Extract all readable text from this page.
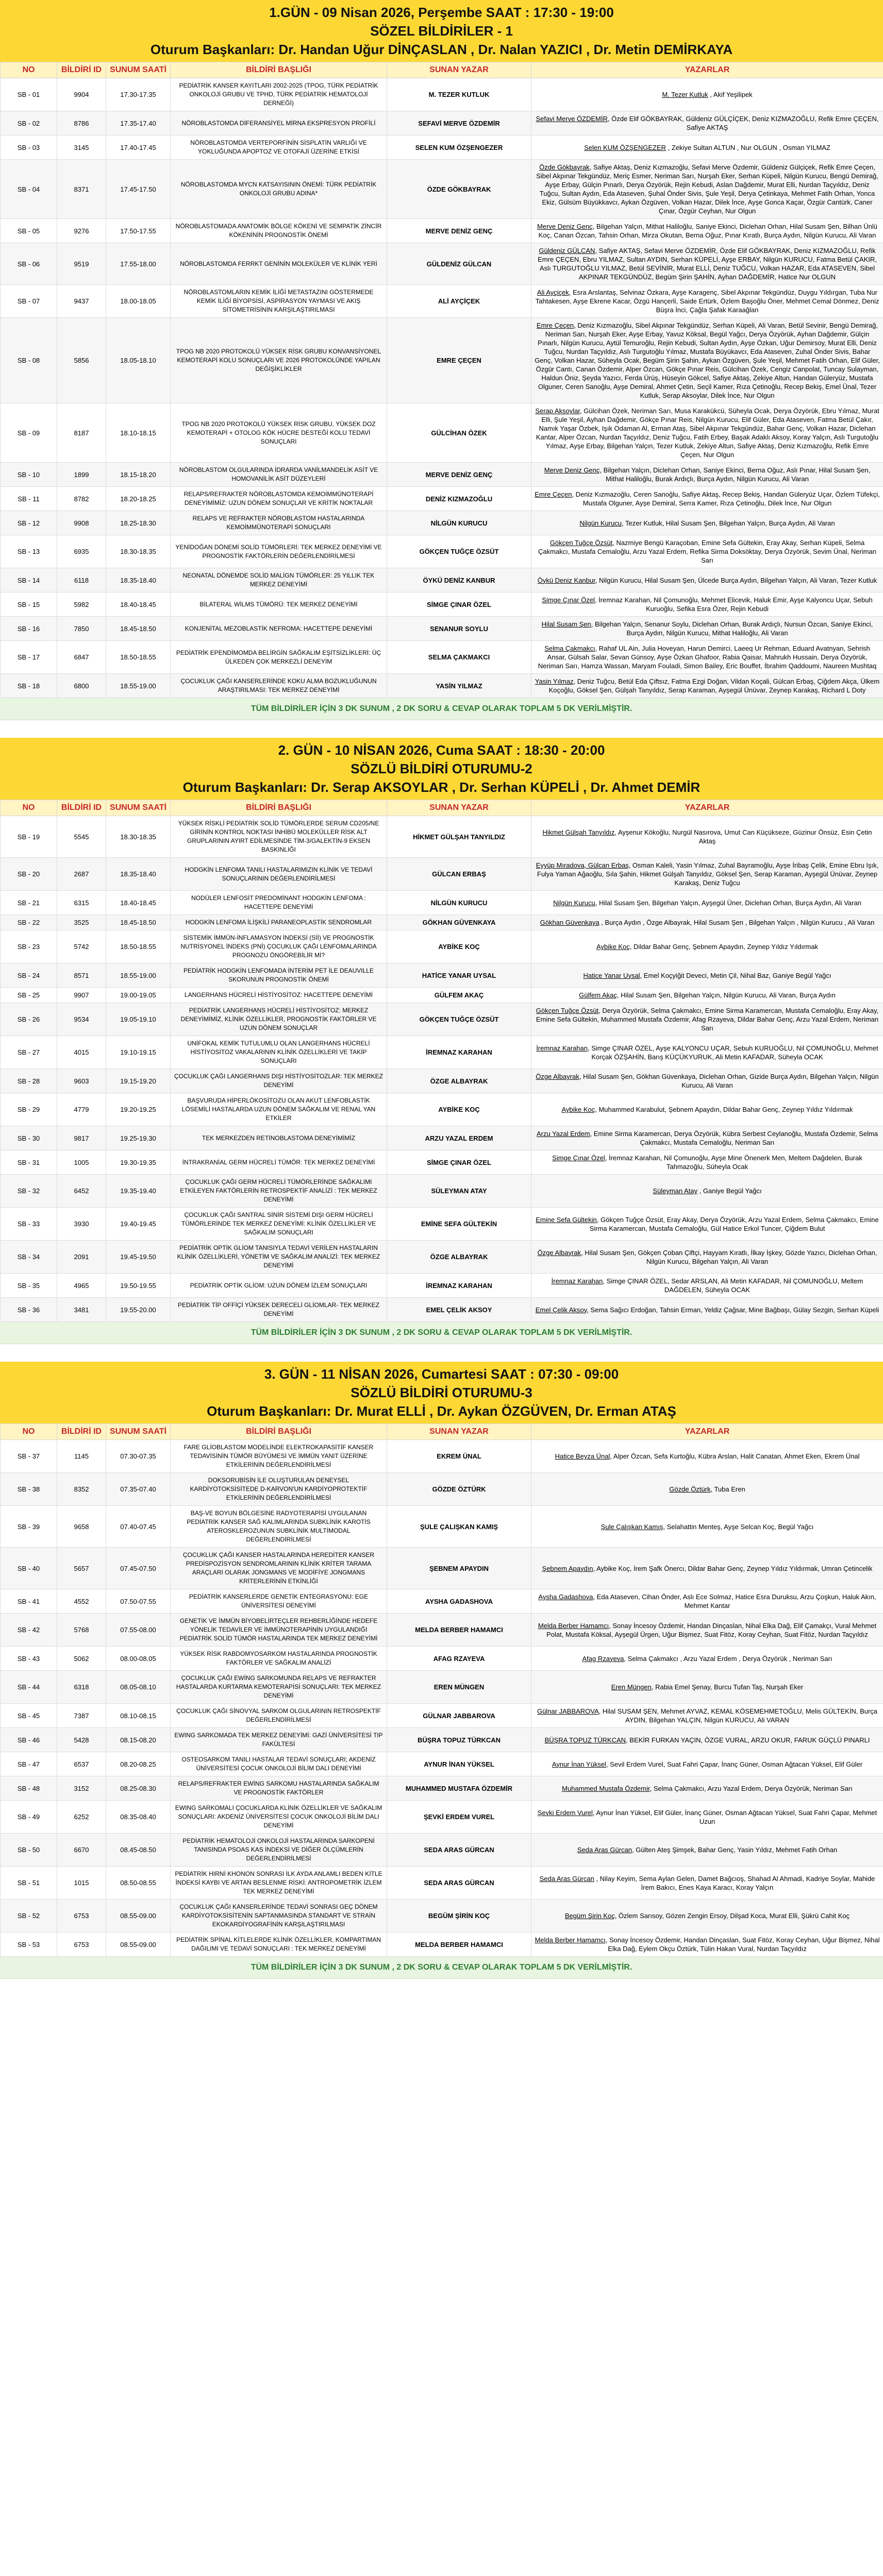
1.GÜN - 09 Nisan 2026, Perşembe SAAT : 17:30 - 19:00
SÖZEL BİLDİRİLER - 1
Oturum Başkanları: Dr. Handan Uğur DİNÇASLAN , Dr. Nalan YAZICI , Dr. Metin DEMİRKAYA
NO	BİLDİRİ ID	SUNUM SAATİ	BİLDİRİ BAŞLIĞI	SUNAN YAZAR	YAZARLAR
SB - 01	9904	17.30-17.35	PEDİATRİK KANSER KAYITLARI 2002-2025 (TPOG, TÜRK PEDİATRİK ONKOLOJİ GRUBU VE TPHD, TÜRK PEDİATRİK HEMATOLOJİ DERNEĞİ)	M. TEZER KUTLUK	M. Tezer Kutluk , Akif Yeşilipek
SB - 02	8786	17.35-17.40	NÖROBLASTOMDA DİFERANSİYEL MİRNA EKSPRESYON PROFİLİ	SEFAVİ MERVE ÖZDEMİR	Sefavi Merve ÖZDEMİR, Özde Elif GÖKBAYRAK, Güldeniz GÜLÇİÇEK, Deniz KIZMAZOĞLU, Refik Emre ÇEÇEN, Safiye AKTAŞ
SB - 03	3145	17.40-17.45	NÖROBLASTOMDA VERTEPORFİNİN SİSPLATİN VARLIĞI VE YOKLUĞUNDA APOPTOZ VE OTOFAJİ ÜZERİNE ETKİSİ	SELEN KUM ÖZŞENGEZER	Selen KUM ÖZŞENGEZER , Zekiye Sultan ALTUN , Nur OLGUN , Osman YILMAZ
SB - 04	8371	17.45-17.50	NÖROBLASTOMDA MYCN KATSAYISININ ÖNEMİ: TÜRK PEDİATRİK ONKOLOJİ GRUBU ADINA*	ÖZDE GÖKBAYRAK	Özde Gökbayrak, Safiye Aktaş, Deniz Kızmazoğlu, Sefavi Merve Özdemir, Güldeniz Gülçiçek, Refik Emre Çeçen, Sibel Akpınar Tekgündüz, Meriç Esmer, Neriman Sarı, Nurşah Eker, Serhan Küpeli, Nilgün Kurucu, Bengü Demirağ, Ayşe Erbay, Gülçin Pınarlı, Derya Özyörük, Rejin Kebudi, Aslan Dağdemir, Murat Elli, Nurdan Taçyıldız, Deniz Tuğcu, Sultan Aydın, Eda Ataseven, Şuhal Önder Sivis, Şule Yeşil, Derya Çetinkaya, Mehmet Fatih Orhan, Yonca Ekiz, Gülsüm Büyükkavcı, Aykan Özgüven, Volkan Hazar, Dilek İnce, Ayşe Gonca Kaçar, Özgür Cantürk, Caner Çınar, Özgür Ceyhan, Nur Olgun
SB - 05	9276	17.50-17.55	NÖROBLASTOMADA ANATOMİK BÖLGE KÖKENİ VE SEMPATİK ZİNCİR KÖKENİNİN PROGNOSTİK ÖNEMİ	MERVE DENİZ GENÇ	Merve Deniz Genç, Bilgehan Yalçın, Mithat Haliloğlu, Saniye Ekinci, Diclehan Orhan, Hilal Susam Şen, Bilhan Ünlü Koç, Canan Özcan, Tahsin Orhan, Mirza Okutan, Berna Oğuz, Pınar Kıratlı, Burça Aydın, Nilgün Kurucu, Ali Varan
SB - 06	9519	17.55-18.00	NÖROBLASTOMDA FERRKT GENİNİN MOLEKÜLER VE KLİNİK YERİ	GÜLDENİZ GÜLCAN	Güldeniz GÜLCAN, Safiye AKTAŞ, Sefavi Merve ÖZDEMİR, Özde Elif GÖKBAYRAK, Deniz KIZMAZOĞLU, Refik Emre ÇEÇEN, Ebru YILMAZ, Sultan AYDIN, Serhan KÜPELİ, Ayşe ERBAY, Nilgün KURUCU, Fatma Betül ÇAKIR, Aslı TURGUTOĞLU YILMAZ, Betül SEVİNİR, Murat ELLİ, Deniz TUĞCU, Volkan HAZAR, Eda ATASEVEN, Sibel AKPINAR TEKGÜNDÜZ, Begüm Şirin ŞAHİN, Ayhan DAĞDEMİR, Hatice Nur OLGUN
SB - 07	9437	18.00-18.05	NÖROBLASTOMLARIN KEMİK İLİĞİ METASTAZINI GÖSTERMEDE KEMİK İLİĞİ BİYOPSİSİ, ASPİRASYON YAYMASI VE AKIŞ SİTOMETRİSİNİN KARŞILAŞTIRILMASI	ALİ AYÇİÇEK	Ali Ayçiçek, Esra Arslantaş, Selvinaz Özkara, Ayşe Karagenç, Sibel Akpınar Tekgündüz, Duygu Yıldırgan, Tuba Nur Tahtakesen, Ayşe Ekrene Kacar, Özgü Hançerli, Saide Ertürk, Özlem Başoğlu Öner, Mehmet Cemal Dönmez, Deniz Büşra İnci, Çağla Şafak Karaağlan
SB - 08	5856	18.05-18.10	TPOG NB 2020 PROTOKOLÜ YÜKSEK RİSK GRUBU KONVANSİYONEL KEMOTERAPİ KOLU SONUÇLARI VE 2026 PROTOKOLÜNDE YAPILAN DEĞİŞİKLİKLER	EMRE ÇEÇEN	Emre Çeçen, Deniz Kızmazoğlu, Sibel Akpınar Tekgündüz, Serhan Küpeli, Ali Varan, Betül Sevinir, Bengü Demirağ, Neriman Sarı, Nurşah Eker, Ayşe Erbay, Yavuz Köksal, Begül Yağcı, Derya Özyörük, Ayhan Dağdemir, Gülçin Pınarlı, Nilgün Kurucu, Aytül Temuroğlu, Rejin Kebudi, Sultan Aydın, Ayşe Özkan, Uğur Demirsoy, Murat Elli, Deniz Tuğcu, Nurdan Taçyıldız, Aslı Turgutoğlu Yılmaz, Mustafa Büyükavcı, Eda Ataseven, Zuhal Önder Sivis, Bahar Genç, Volkan Hazar, Süheyla Ocak, Begüm Şirin Şahin, Aykan Özgüven, Şule Yeşil, Mehmet Fatih Orhan, Elif Güler, Özgür Cantı, Canan Özdemir, Alper Özcan, Gökçe Pınar Reis, Gülcihan Özek, Cengiz Canpolat, Tuncay Sulayman, Haldun Öniz, Şeyda Yazıcı, Ferda Ürüş, Hüseyin Gökcel, Safiye Aktaş, Zekiye Altun, Handan Güleryüz, Mustafa Olguner, Ceren Sanoğlu, Ayşe Demiral, Ahmet Çetin, Seçil Kamer, Rıza Çetinoğlu, Recep Bekiş, Emel Ünal, Tezer Kutluk, Serap Aksoylar, Dilek İnce, Nur Olgun
SB - 09	8187	18.10-18.15	TPOG NB 2020 PROTOKOLÜ YÜKSEK RİSK GRUBU, YÜKSEK DOZ KEMOTERAPİ + OTOLOG KÖK HÜCRE DESTEĞİ KOLU TEDAVİ SONUÇLARI	GÜLCİHAN ÖZEK	Serap Aksoylar, Gülcihan Özek, Neriman Sarı, Musa Karakükcü, Süheyla Ocak, Derya Özyörük, Ebru Yılmaz, Murat Elli, Şule Yeşil, Ayhan Dağdemir, Gökçe Pınar Reis, Nilgün Kurucu, Elif Güler, Eda Ataseven, Fatma Betül Çakır, Namık Yaşar Özbek, Işık Odaman Al, Erman Ataş, Sibel Akpınar Tekgündüz, Bahar Genç, Volkan Hazar, Diclehan Kantar, Alper Özcan, Nurdan Taçyıldız, Deniz Tuğcu, Fatih Erbey, Başak Adaklı Aksoy, Koray Yalçın, Aslı Turgutoğlu Yılmaz, Ayşe Erbay, Bilgehan Yalçın, Tezer Kutluk, Zekiye Altun, Safiye Aktaş, Deniz Kızmazoğlu, Refik Emre Çeçen, Nur Olgun
SB - 10	1899	18.15-18.20	NÖROBLASTOM OLGULARINDA İDRARDA VANİLMANDELİK ASİT VE HOMOVANİLİK ASİT DÜZEYLERİ	MERVE DENİZ GENÇ	Merve Deniz Genç, Bilgehan Yalçın, Diclehan Orhan, Saniye Ekinci, Berna Oğuz, Aslı Pınar, Hilal Susam Şen, Mithat Haliloğlu, Burak Ardıçlı, Burça Aydın, Nilgün Kurucu, Ali Varan
SB - 11	8782	18.20-18.25	RELAPS/REFRAKTER NÖROBLASTOMDA KEMOİMMÜNOTERAPİ DENEYİMİMİZ: UZUN DÖNEM SONUÇLAR VE KRİTİK NOKTALAR	DENİZ KIZMAZOĞLU	Emre Çeçen, Deniz Kızmazoğlu, Ceren Sanoğlu, Safiye Aktaş, Recep Bekiş, Handan Güleryüz Uçar, Özlem Tüfekçi, Mustafa Olguner, Ayşe Demiral, Serra Kamer, Rıza Çetinoğlu, Dilek İnce, Nur Olgun
SB - 12	9908	18.25-18.30	RELAPS VE REFRAKTER NÖROBLASTOM HASTALARINDA KEMOİMMÜNOTERAPİ SONUÇLARI	NİLGÜN KURUCU	Nilgün Kurucu, Tezer Kutluk, Hilal Susam Şen, Bilgehan Yalçın, Burça Aydın, Ali Varan
SB - 13	6935	18.30-18.35	YENİDOĞAN DÖNEMİ SOLİD TÜMÖRLERİ: TEK MERKEZ DENEYİMİ VE PROGNOSTİK FAKTÖRLERİN DEĞERLENDİRİLMESİ	GÖKÇEN TUĞÇE ÖZSÜT	Gökçen Tuğçe Özsüt, Nazmiye Bengü Karaçoban, Emine Sefa Gültekin, Eray Akay, Serhan Küpeli, Selma Çakmakcı, Mustafa Cemaloğlu, Arzu Yazal Erdem, Refika Sirma Doksöktay, Derya Özyörük, Sevim Ünal, Neriman Sarı
SB - 14	6118	18.35-18.40	NEONATAL DÖNEMDE SOLİD MALİGN TÜMÖRLER: 25 YILLIK TEK MERKEZ DENEYİMİ	ÖYKÜ DENİZ KANBUR	Öykü Deniz Kanbur, Nilgün Kurucu, Hilal Susam Şen, Ülcede Burça Aydın, Bilgehan Yalçın, Ali Varan, Tezer Kutluk
SB - 15	5982	18.40-18.45	BİLATERAL WİLMS TÜMÖRÜ: TEK MERKEZ DENEYİMİ	SİMGE ÇINAR ÖZEL	Simge Çınar Özel, İremnaz Karahan, Nil Çomunoğlu, Mehmet Elicevik, Haluk Emir, Ayşe Kalyoncu Uçar, Sebuh Kuruoğlu, Sefika Esra Özer, Rejin Kebudi
SB - 16	7850	18.45-18.50	KONJENİTAL MEZOBLASTİK NEFROMA: HACETTEPE DENEYİMİ	SENANUR SOYLU	Hilal Susam Şen, Bilgehan Yalçın, Senanur Soylu, Diclehan Orhan, Burak Ardıçlı, Nursun Özcan, Saniye Ekinci, Burça Aydın, Nilgün Kurucu, Mithat Haliloğlu, Ali Varan
SB - 17	6847	18.50-18.55	PEDİATRİK EPENDİMOMDA BELİRGİN SAĞKALIM EŞİTSİZLİKLERİ: ÜÇ ÜLKEDEN ÇOK MERKEZLİ DENEYİM	SELMA ÇAKMAKCI	Selma Çakmakcı, Rahaf UL Ain, Julia Hoveyan, Harun Demirci, Laeeq Ur Rehman, Eduard Avatnyan, Sehrish Ansar, Gülsah Salar, Sevan Günsoy, Ayşe Özkan Ghafoor, Rabia Qaisar, Mahrukh Hussain, Derya Özyörük, Neriman Sarı, Hamza Wassan, Maryam Fouladi, Simon Bailey, Eric Bouffet, İbrahim Qaddoumi, Naureen Mushtaq
SB - 18	6800	18.55-19.00	ÇOCUKLUK ÇAĞI KANSERLERİNDE KOKU ALMA BOZUKLUĞUNUN ARAŞTIRILMASI: TEK MERKEZ DENEYİMİ	YASİN YILMAZ	Yasin Yılmaz, Deniz Tuğcu, Betül Eda Çiftsız, Fatma Ezgi Doğan, Vildan Koçali, Gülcan Erbaş, Çiğdem Akça, Ülkem Koçoğlu, Göksel Şen, Gülşah Tanyıldız, Serap Karaman, Ayşegül Ünüvar, Zeynep Karakaş, Richard L Doty
TÜM BİLDİRİLER İÇİN 3 DK SUNUM , 2 DK SORU & CEVAP OLARAK TOPLAM 5 DK VERİLMİŞTİR.
2. GÜN - 10 NİSAN 2026, Cuma SAAT : 18:30 - 20:00
SÖZLÜ BİLDİRİ OTURUMU-2
Oturum Başkanları: Dr. Serap AKSOYLAR , Dr. Serhan KÜPELİ , Dr. Ahmet DEMİR
NO	BİLDİRİ ID	SUNUM SAATİ	BİLDİRİ BAŞLIĞI	SUNAN YAZAR	YAZARLAR
SB - 19	5545	18.30-18.35	YÜKSEK RİSKLİ PEDİATRİK SOLİD TÜMÖRLERDE SERUM CD205/NE GİRİNİN KONTROL NOKTASI İNHİBÜ MOLEKÜLLER RİSK ALT GRUPLARININ AYIRT EDİLMESİNDE TİM-3/GALEKTİN-9 EKSEN BASKINLIĞI	HİKMET GÜLŞAH TANYILDIZ	Hikmet Gülşah Tanyıldız, Ayşenur Kökoğlu, Nurgül Nasırova, Umut Can Küçükseze, Güzinur Önsüz, Esin Çetin Aktaş
SB - 20	2687	18.35-18.40	HODGKİN LENFOMA TANILI HASTALARIMIZIN KLİNİK VE TEDAVİ SONUÇLARININ DEĞERLENDİRİLMESİ	GÜLCAN ERBAŞ	Eyyüp Mıradova, Gülcan Erbaş, Osman Kaleli, Yasin Yılmaz, Zuhal Bayramoğlu, Ayşe İribaş Çelik, Emine Ebru Işık, Fulya Yaman Ağaoğlu, Sıla Şahin, Hikmet Gülşah Tanyıldız, Göksel Şen, Serap Karaman, Ayşegül Ünüvar, Zeynep Karakaş, Deniz Tuğcu
SB - 21	6315	18.40-18.45	NODÜLER LENFOSİT PREDOMİNANT HODGKİN LENFOMA : HACETTEPE DENEYİMİ	NİLGÜN KURUCU	Nilgün Kurucu, Hilal Susam Şen, Bilgehan Yalçın, Ayşegül Üner, Diclehan Orhan, Burça Aydın, Ali Varan
SB - 22	3525	18.45-18.50	HODGKİN LENFOMA İLİŞKİLİ PARANEOPLASTİK SENDROMLAR	GÖKHAN GÜVENKAYA	Gökhan Güvenkaya , Burça Aydın , Özge Albayrak, Hilal Susam Şen , Bilgehan Yalçın , Nilgün Kurucu , Ali Varan
SB - 23	5742	18.50-18.55	SİSTEMİK İMMÜN-İNFLAMASYON İNDEKSİ (Sİİ) VE PROGNOSTİK NUTRİSYONEL İNDEKS (PNİ) ÇOCUKLUK ÇAĞI LENFOMALARINDA PROGNOZU ÖNGÖREBİLİR Mİ?	AYBİKE KOÇ	Aybike Koç, Dildar Bahar Genç, Şebnem Apaydın, Zeynep Yıldız Yıldırmak
SB - 24	8571	18.55-19.00	PEDİATRİK HODGKİN LENFOMADA İNTERİM PET İLE DEAUVILLE SKORUNUN PROGNOSTİK ÖNEMİ	HATİCE YANAR UYSAL	Hatice Yanar Uysal, Emel Koçyiğit Deveci, Metin Çil, Nihal Baz, Ganiye Begül Yağcı
SB - 25	9907	19.00-19.05	LANGERHANS HÜCRELİ HİSTİYOSİTOZ: HACETTEPE DENEYİMİ	GÜLFEM AKAÇ	Gülfem Akaç, Hilal Susam Şen, Bilgehan Yalçın, Nilgün Kurucu, Ali Varan, Burça Aydın
SB - 26	9534	19.05-19.10	PEDİATRİK LANGERHANS HÜCRELİ HİSTİYOSİTOZ: MERKEZ DENEYİMİMİZ, KLİNİK ÖZELLİKLER, PROGNOSTİK FAKTÖRLER VE UZUN DÖNEM SONUÇLAR	GÖKÇEN TUĞÇE ÖZSÜT	Gökçen Tuğçe Özsüt, Derya Özyörük, Selma Çakmakcı, Emine Sirma Karamercan, Mustafa Cemaloğlu, Eray Akay, Emine Sefa Gültekin, Muhammed Mustafa Özdemir, Afag Rzayeva, Dildar Bahar Genç, Arzu Yazal Erdem, Neriman Sarı
SB - 27	4015	19.10-19.15	UNİFOKAL KEMİK TUTULUMLU OLAN LANGERHANS HÜCRELİ HİSTİYOSİTOZ VAKALARININ KLİNİK ÖZELLİKLERİ VE TAKİP SONUÇLARI	İREMNAZ KARAHAN	İremnaz Karahan, Simge ÇINAR ÖZEL, Ayşe KALYONCU UÇAR, Sebuh KURUOĞLU, Nil ÇOMUNOĞLU, Mehmet Korçak ÖZŞAHİN, Barış KÜÇÜKYURUK, Ali Metin KAFADAR, Süheyla OCAK
SB - 28	9603	19.15-19.20	ÇOCUKLUK ÇAĞI LANGERHANS DIŞI HİSTİYOSİTOZLAR: TEK MERKEZ DENEYİMİ	ÖZGE ALBAYRAK	Özge Albayrak, Hilal Susam Şen, Gökhan Güvenkaya, Diclehan Orhan, Gizide Burça Aydın, Bilgehan Yalçın, Nilgün Kurucu, Ali Varan
SB - 29	4779	19.20-19.25	BAŞVURUDA HİPERLÖKOSİTOZU OLAN AKUT LENFOBLASTİK LÖSEMİLİ HASTALARDA UZUN DÖNEM SAĞKALIM VE RENAL YAN ETKİLER	AYBİKE KOÇ	Aybike Koç, Muhammed Karabulut, Şebnem Apaydın, Dildar Bahar Genç, Zeynep Yıldız Yıldırmak
SB - 30	9817	19.25-19.30	TEK MERKEZDEN RETİNOBLASTOMA DENEYİMİMİZ	ARZU YAZAL ERDEM	Arzu Yazal Erdem, Emine Sirma Karamercan, Derya Özyörük, Kübra Serbest Ceylanoğlu, Mustafa Özdemir, Selma Çakmakcı, Mustafa Cemaloğlu, Neriman Sarı
SB - 31	1005	19.30-19.35	İNTRAKRANİAL GERM HÜCRELİ TÜMÖR: TEK MERKEZ DENEYİMİ	SİMGE ÇINAR ÖZEL	Simge Çınar Özel, İremnaz Karahan, Nil Çomunoğlu, Ayşe Mine Önenerk Men, Meltem Dağdelen, Burak Tahmazoğlu, Süheyla Ocak
SB - 32	6452	19.35-19.40	ÇOCUKLUK ÇAĞI GERM HÜCRELİ TÜMÖRLERİNDE SAĞKALIMI ETKİLEYEN FAKTÖRLERİN RETROSPEKTİF ANALİZİ : TEK MERKEZ DENEYİMİ	SÜLEYMAN ATAY	Süleyman Atay , Ganiye Begül Yağcı
SB - 33	3930	19.40-19.45	ÇOCUKLUK ÇAĞI SANTRAL SİNİR SİSTEMİ DIŞI GERM HÜCRELİ TÜMÖRLERİNDE TEK MERKEZ DENEYİMİ: KLİNİK ÖZELLİKLER VE SAĞKALIM SONUÇLARI	EMİNE SEFA GÜLTEKİN	Emine Sefa Gültekin, Gökçen Tuğçe Özsüt, Eray Akay, Derya Özyörük, Arzu Yazal Erdem, Selma Çakmakcı, Emine Sirma Karamercan, Mustafa Cemaloğlu, Gül Hatice Erkol Tuncer, Çiğdem Bulut
SB - 34	2091	19.45-19.50	PEDİATRİK OPTİK GLİOM TANISIYLA TEDAVİ VERİLEN HASTALARIN KLİNİK ÖZELLİKLERİ, YÖNETİM VE SAĞKALIM ANALİZİ: TEK MERKEZ DENEYİMİ	ÖZGE ALBAYRAK	Özge Albayrak, Hilal Susam Şen, Gökçen Çoban Çiftçi, Hayyam Kıratlı, İlkay İşkey, Gözde Yazıcı, Diclehan Orhan, Nilgün Kurucu, Bilgehan Yalçın, Ali Varan
SB - 35	4965	19.50-19.55	PEDİATRİK OPTİK GLİOM: UZUN DÖNEM İZLEM SONUÇLARI	İREMNAZ KARAHAN	İremnaz Karahan, Simge ÇINAR ÖZEL, Sedar ARSLAN, Ali Metin KAFADAR, Nil ÇOMUNOĞLU, Meltem DAĞDELEN, Süheyla OCAK
SB - 36	3481	19.55-20.00	PEDİATRİK TİP OFFİÇİ YÜKSEK DERECELİ GLİOMLAR- TEK MERKEZ DENEYİMİ	EMEL ÇELİK AKSOY	Emel Çelik Aksoy, Sema Sağıcı Erdoğan, Tahsin Erman, Yeldiz Çağsar, Mine Bağbaşı, Gülay Sezgin, Serhan Küpeli
TÜM BİLDİRİLER İÇİN 3 DK SUNUM , 2 DK SORU & CEVAP OLARAK TOPLAM 5 DK VERİLMİŞTİR.
3. GÜN - 11 NİSAN 2026, Cumartesi SAAT : 07:30 - 09:00
SÖZLÜ BİLDİRİ OTURUMU-3
Oturum Başkanları: Dr. Murat ELLİ , Dr. Aykan ÖZGÜVEN, Dr. Erman ATAŞ
NO	BİLDİRİ ID	SUNUM SAATİ	BİLDİRİ BAŞLIĞI	SUNAN YAZAR	YAZARLAR
SB - 37	1145	07.30-07.35	FARE GLİOBLASTOM MODELİNDE ELEKTROKAPASİTİF KANSER TEDAVİSİNİN TÜMÖR BÜYÜMESİ VE İMMÜN YANIT ÜZERİNE ETKİLERİNİN DEĞERLENDİRİLMESİ	EKREM ÜNAL	Hatice Beyza Ünal, Alper Özcan, Sefa Kurtoğlu, Kübra Arslan, Halit Canatan, Ahmet Eken, Ekrem Ünal
SB - 38	8352	07.35-07.40	DOKSORUBİSİN İLE OLUŞTURULAN DENEYSEL KARDİYOTOKSİSİTEDE D-KARVON'UN KARDİYOPROTEKTİF ETKİLERİNİN DEĞERLENDİRİLMESİ	GÖZDE ÖZTÜRK	Gözde Öztürk, Tuba Eren
SB - 39	9658	07.40-07.45	BAŞ-VE BOYUN BÖLGESİNE RADYOTERAPİSİ UYGULANAN PEDİATRİK KANSER SAĞ KALIMLARINDA SUBKLİNİK KAROTİS ATEROSKLEROZUNUN SUBKLİNİK MULTİMODAL DEĞERLENDİRİLMESİ	ŞULE ÇALIŞKAN KAMIŞ	Şule Çalışkan Kamış, Selahattin Menteş, Ayşe Selcan Koç, Begül Yağcı
SB - 40	5657	07.45-07.50	ÇOCUKLUK ÇAĞI KANSER HASTALARINDA HEREDİTER KANSER PREDİSPOZİSYON SENDROMLARININ KLİNİK KRİTER TARAMA ARAÇLARI OLARAK JONGMANS VE MODİFİYE JONGMANS KRİTERLERİNİN ETKİNLİĞİ	ŞEBNEM APAYDIN	Şebnem Apaydın, Aybike Koç, İrem Şafk Önercı, Dildar Bahar Genç, Zeynep Yıldız Yıldırmak, Umran Çetincelik
SB - 41	4552	07.50-07.55	PEDİATRİK KANSERLERDE GENETİK ENTEGRASYONU: EGE ÜNİVERSİTESİ DENEYİMİ	AYSHA GADASHOVA	Aysha Gadashova, Eda Ataseven, Cihan Önder, Aslı Ece Solmaz, Hatice Esra Duruksu, Arzu Çoşkun, Haluk Akın, Mehmet Kantar
SB - 42	5768	07.55-08.00	GENETİK VE İMMÜN BİYOBELİRTEÇLER REHBERLİĞİNDE HEDEFE YÖNELİK TEDAVİLER VE İMMÜNOTERAPİNİN UYGULANDIĞI PEDİATRİK SOLİD TÜMÖR HASTALARINDA TEK MERKEZ DENEYİMİ	MELDA BERBER HAMAMCI	Melda Berber Hamamcı, Sonay İncesoy Özdemir, Handan Dinçaslan, Nihal Elka Dağ, Elif Çamakçı, Vural Mehmet Polat, Mustafa Köksal, Ayşegül Ürgen, Uğur Bişmez, Suat Fitöz, Koray Ceyhan, Suat Fitöz, Nurdan Taçyıldız
SB - 43	5062	08.00-08.05	YÜKSEK RİSK RABDOMYOSARKOM HASTALARINDA PROGNOSTİK FAKTÖRLER VE SAĞKALIM ANALİZİ	AFAG RZAYEVA	Afag Rzayeva, Selma Çakmakcı , Arzu Yazal Erdem , Derya Özyörük , Neriman Sarı
SB - 44	6318	08.05-08.10	ÇOCUKLUK ÇAĞI EWİNG SARKOMUNDA RELAPS VE REFRAKTER HASTALARDA KURTARMA KEMOTERAPİSİ SONUÇLARI: TEK MERKEZ DENEYİMİ	EREN MÜNGEN	Eren Müngen, Rabia Emel Şenay, Burcu Tufan Taş, Nurşah Eker
SB - 45	7387	08.10-08.15	ÇOCUKLUK ÇAĞI SİNOVYAL SARKOM OLGULARININ RETROSPEKTİF DEĞERLENDİRİLMESİ	GÜLNAR JABBAROVA	Gülnar JABBAROVA, Hilal SUSAM ŞEN, Mehmet AYVAZ, KEMAL KÖSEMEHMETOĞLU, Melis GÜLTEKİN, Burça AYDIN, Bilgehan YALÇIN, Nilgün KURUCU, Ali VARAN
SB - 46	5428	08.15-08.20	EWING SARKOMADA TEK MERKEZ DENEYİMİ: GAZİ ÜNİVERSİTESİ TIP FAKÜLTESİ	BÜŞRA TOPUZ TÜRKCAN	BÜŞRA TOPUZ TÜRKCAN, BEKİR FURKAN YAÇIN, ÖZGE VURAL, ARZU OKUR, FARUK GÜÇLÜ PINARLI
SB - 47	6537	08.20-08.25	OSTEOSARKOM TANILI HASTALAR TEDAVİ SONUÇLARI; AKDENİZ ÜNİVERSİTESİ ÇOCUK ONKOLOJİ BİLİM DALI DENEYİMİ	AYNUR İNAN YÜKSEL	Aynur İnan Yüksel, Sevil Erdem Vurel, Suat Fahri Çapar, İnanç Güner, Osman Ağtacan Yüksel, Elif Güler
SB - 48	3152	08.25-08.30	RELAPS/REFRAKTER EWİNG SARKOMU HASTALARINDA SAĞKALIM VE PROGNOSTİK FAKTÖRLER	MUHAMMED MUSTAFA ÖZDEMİR	Muhammed Mustafa Özdemir, Selma Çakmakcı, Arzu Yazal Erdem, Derya Özyörük, Neriman Sarı
SB - 49	6252	08.35-08.40	EWING SARKOMALI ÇOCUKLARDA KLİNİK ÖZELLİKLER VE SAĞKALIM SONUÇLARI: AKDENİZ ÜNİVERSİTESİ ÇOCUK ONKOLOJİ BİLİM DALI DENEYİMİ	ŞEVKİ ERDEM VUREL	Şevki Erdem Vurel, Aynur İnan Yüksel, Elif Güler, İnanç Güner, Osman Ağtacan Yüksel, Suat Fahri Çapar, Mehmet Uzun
SB - 50	6670	08.45-08.50	PEDİATRİK HEMATOLOJİ ONKOLOJİ HASTALARINDA SARKOPENİ TANISINDA PSOAS KAS İNDEKSİ VE DİĞER ÖLÇÜMLERİN DEĞERLENDİRİLMESİ	SEDA ARAS GÜRCAN	Seda Aras Gürcan, Gülten Ateş Şimşek, Bahar Genç, Yasin Yıldız, Mehmet Fatih Orhan
SB - 51	1015	08.50-08.55	PEDİATRİK HIRNİ KHONON SONRASI İLK AYDA ANLAMLI BEDEN KİTLE İNDEKSİ KAYBI VE ARTAN BESLENME RİSKİ: ANTROPOMETRİK İZLEM TEK MERKEZ DENEYİMİ	SEDA ARAS GÜRCAN	Seda Aras Gürcan , Nilay Keyim, Sema Aylan Gelen, Damet Bağcıoş, Shahad Al Ahmadi, Kadriye Soylar, Mahide İrem Bakıcı, Enes Kaya Karacı, Koray Yalçın
SB - 52	6753	08.55-09.00	ÇOCUKLUK ÇAĞI KANSERLERİNDE TEDAVİ SONRASI GEÇ DÖNEM KARDİYOTOKSİSİTENİN SAPTANMASINDA STANDART VE STRAİN EKOKARDİYOGRAFİNİN KARŞILAŞTIRILMASI	BEGÜM ŞİRİN KOÇ	Begüm Şirin Koç, Özlem Sarısoy, Gözen Zengin Ersoy, Dilşad Koca, Murat Elli, Şükrü Cahit Koç
SB - 53	6753	08.55-09.00	PEDİATRİK SPİNAL KİTLELERDE KLİNİK ÖZELLİKLER, KOMPARTIMAN DAĞILIMI VE TEDAVİ SONUÇLARI : TEK MERKEZ DENEYİMİ	MELDA BERBER HAMAMCI	Melda Berber Hamamcı, Sonay İncesoy Özdemir, Handan Dinçaslan, Suat Fitöz, Koray Ceyhan, Uğur Bişmez, Nihal Elka Dağ, Eylem Okçu Öztürk, Tülin Hakan Vural, Nurdan Taçyıldız
TÜM BİLDİRİLER İÇİN 3 DK SUNUM , 2 DK SORU & CEVAP OLARAK TOPLAM 5 DK VERİLMİŞTİR.
